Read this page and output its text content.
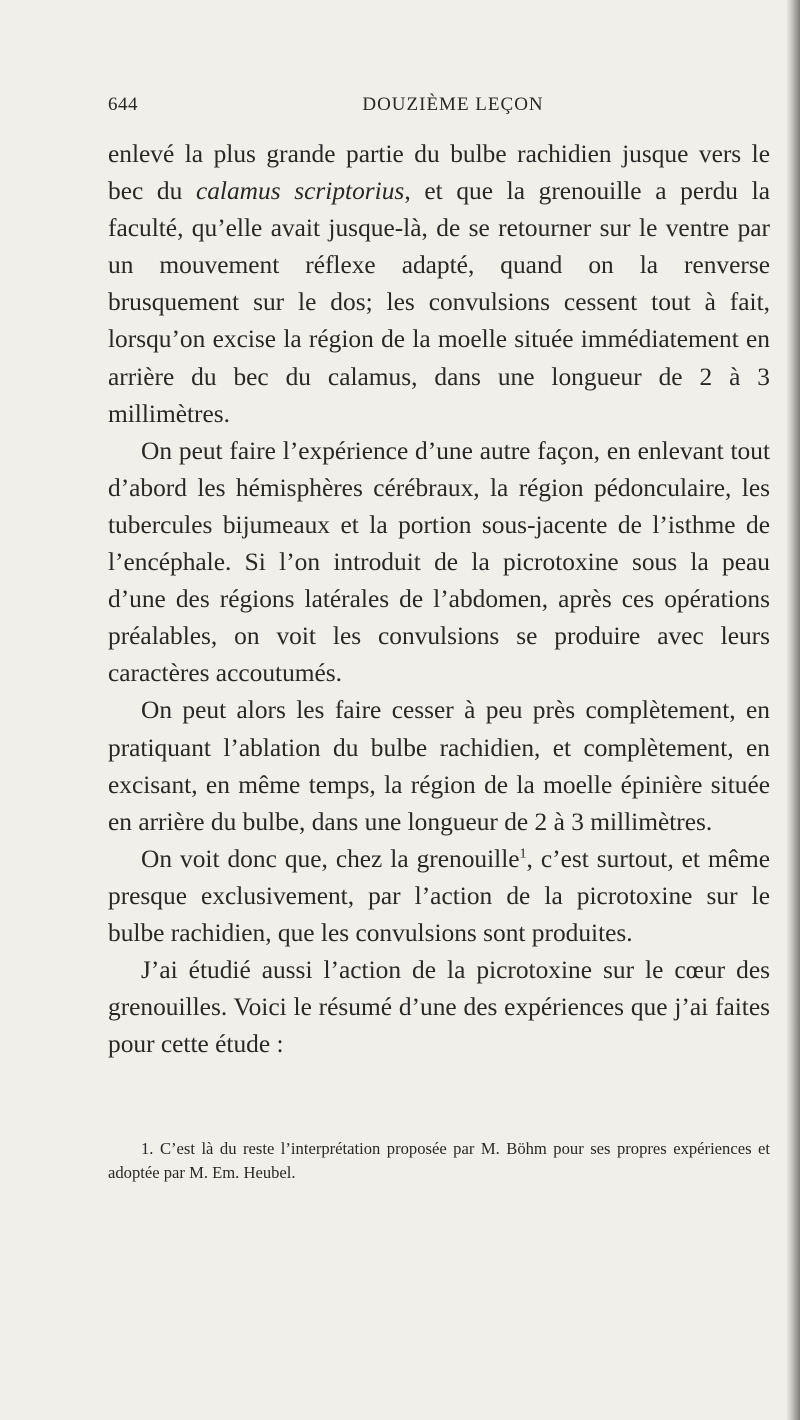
644	DOUZIÈME LEÇON

enlevé la plus grande partie du bulbe rachidien jusque vers le bec du calamus scriptorius, et que la grenouille a perdu la faculté, qu’elle avait jusque-là, de se retourner sur le ventre par un mouvement réflexe adapté, quand on la renverse brusquement sur le dos; les convulsions cessent tout à fait, lorsqu’on excise la région de la moelle située immédiatement en arrière du bec du calamus, dans une longueur de 2 à 3 millimètres.

On peut faire l’expérience d’une autre façon, en enlevant tout d’abord les hémisphères cérébraux, la région pédonculaire, les tubercules bijumeaux et la portion sous-jacente de l’isthme de l’encéphale. Si l’on introduit de la picrotoxine sous la peau d’une des régions latérales de l’abdomen, après ces opérations préalables, on voit les convulsions se produire avec leurs caractères accoutumés.

On peut alors les faire cesser à peu près complètement, en pratiquant l’ablation du bulbe rachidien, et complètement, en excisant, en même temps, la région de la moelle épinière située en arrière du bulbe, dans une longueur de 2 à 3 millimètres.

On voit donc que, chez la grenouille$^1$, c’est surtout, et même presque exclusivement, par l’action de la picrotoxine sur le bulbe rachidien, que les convulsions sont produites.

J’ai étudié aussi l’action de la picrotoxine sur le cœur des grenouilles. Voici le résumé d’une des expériences que j’ai faites pour cette étude :

1. C’est là du reste l’interprétation proposée par M. Böhm pour ses propres expériences et adoptée par M. Em. Heubel.
